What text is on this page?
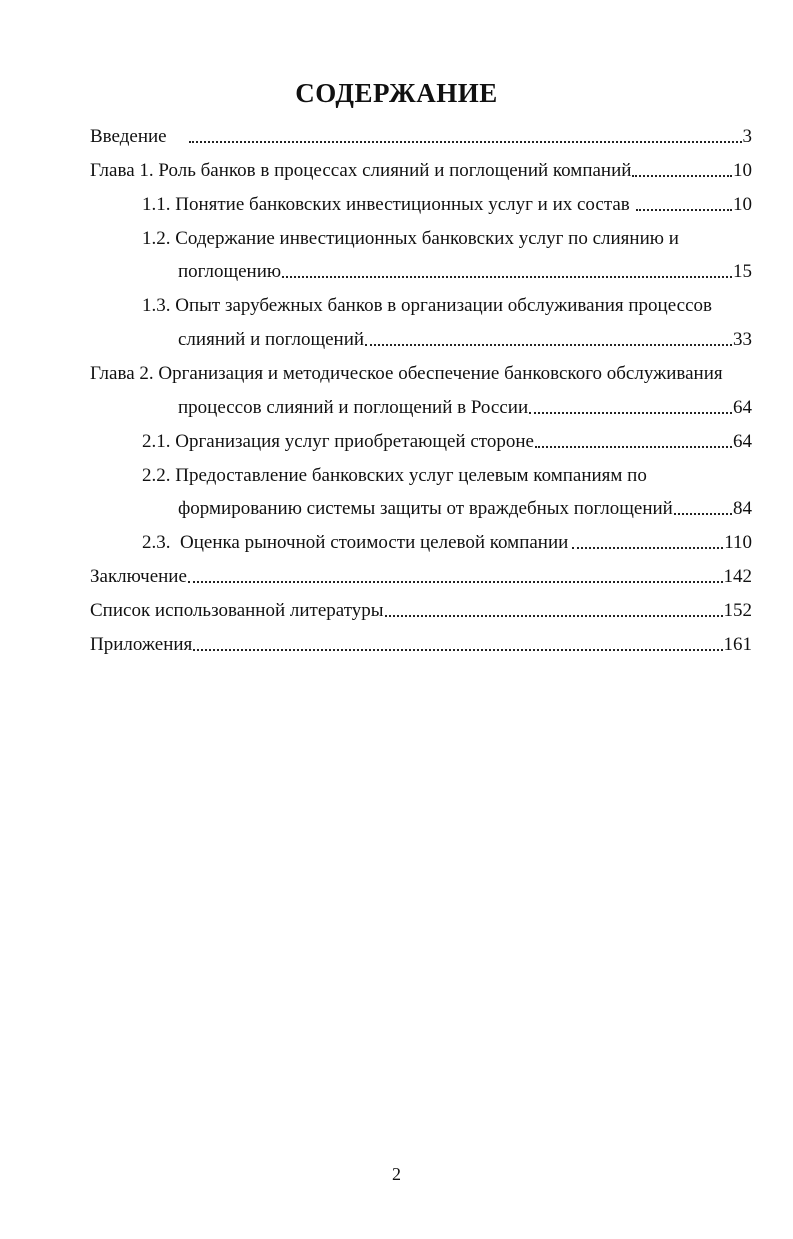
СОДЕРЖАНИЕ
Введение	3
Глава 1. Роль банков в процессах слияний и поглощений компаний	10
1.1. Понятие банковских инвестиционных услуг и их состав	10
1.2. Содержание инвестиционных банковских услуг по слиянию и
поглощению	15
1.3. Опыт зарубежных банков в организации обслуживания процессов
слияний и поглощений	33
Глава 2. Организация и методическое обеспечение банковского обслуживания
процессов слияний и поглощений в России	64
2.1. Организация услуг приобретающей стороне	64
2.2. Предоставление банковских услуг целевым компаниям по
формированию системы защиты от враждебных поглощений	84
2.3.  Оценка рыночной стоимости целевой компании	110
Заключение	142
Список использованной литературы	152
Приложения	161
2
